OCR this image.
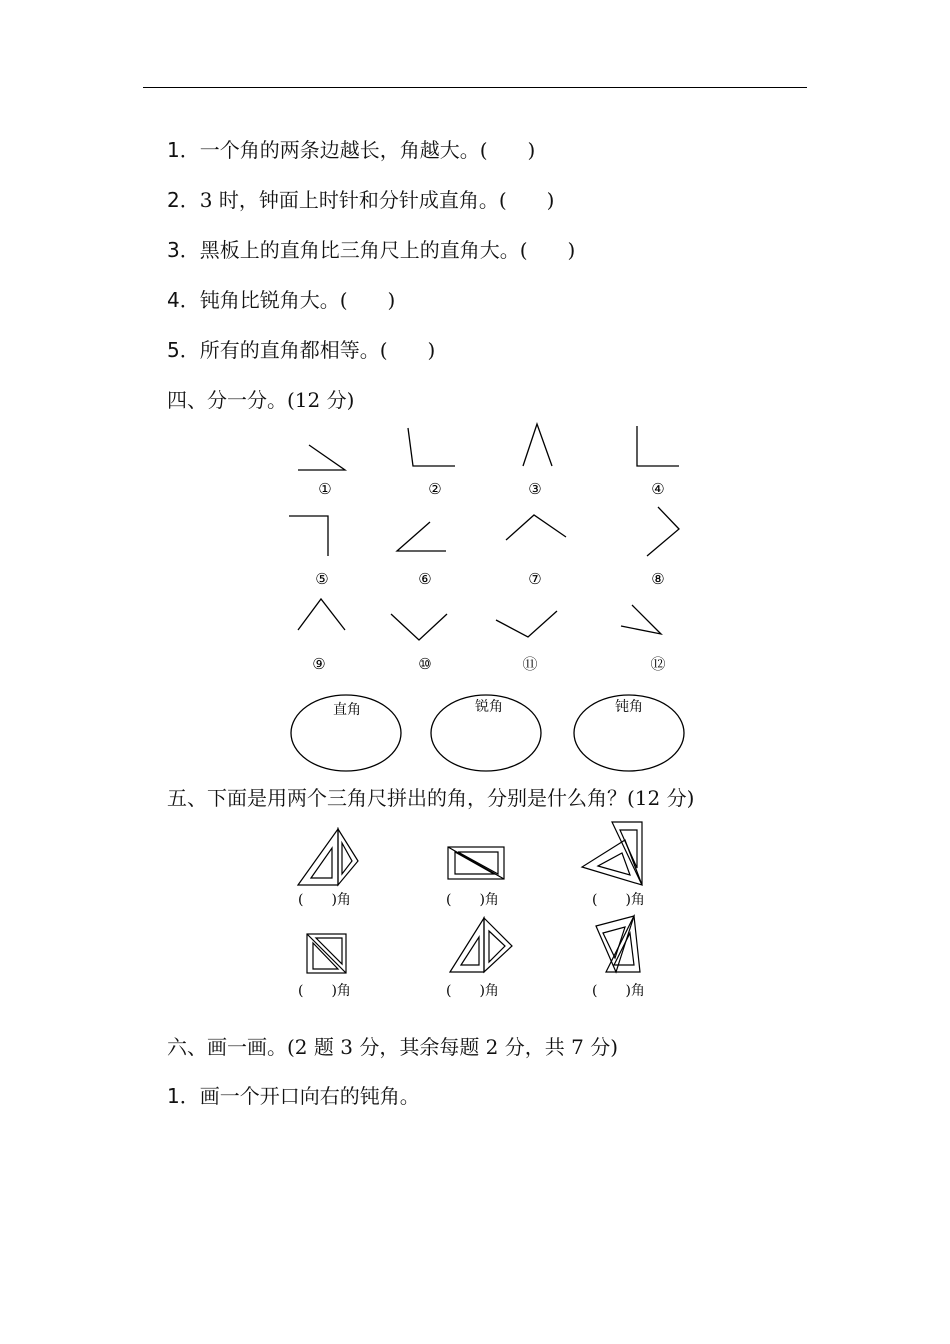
1．一个角的两条边越长，角越大。(　　)
2．3 时，钟面上时针和分针成直角。(　　)
3．黑板上的直角比三角尺上的直角大。(　　)
4．钝角比锐角大。(　　)
5．所有的直角都相等。(　　)
四、分一分。(12 分)
①	②	③	④
⑤	⑥	⑦	⑧
⑨	⑩	⑪	⑫
直角	锐角	钝角
五、下面是用两个三角尺拼出的角，分别是什么角？(12 分)
(　　)角	(　　)角	(　　)角
(　　)角	(　　)角	(　　)角
六、画一画。(2 题 3 分，其余每题 2 分，共 7 分)
1．画一个开口向右的钝角。
